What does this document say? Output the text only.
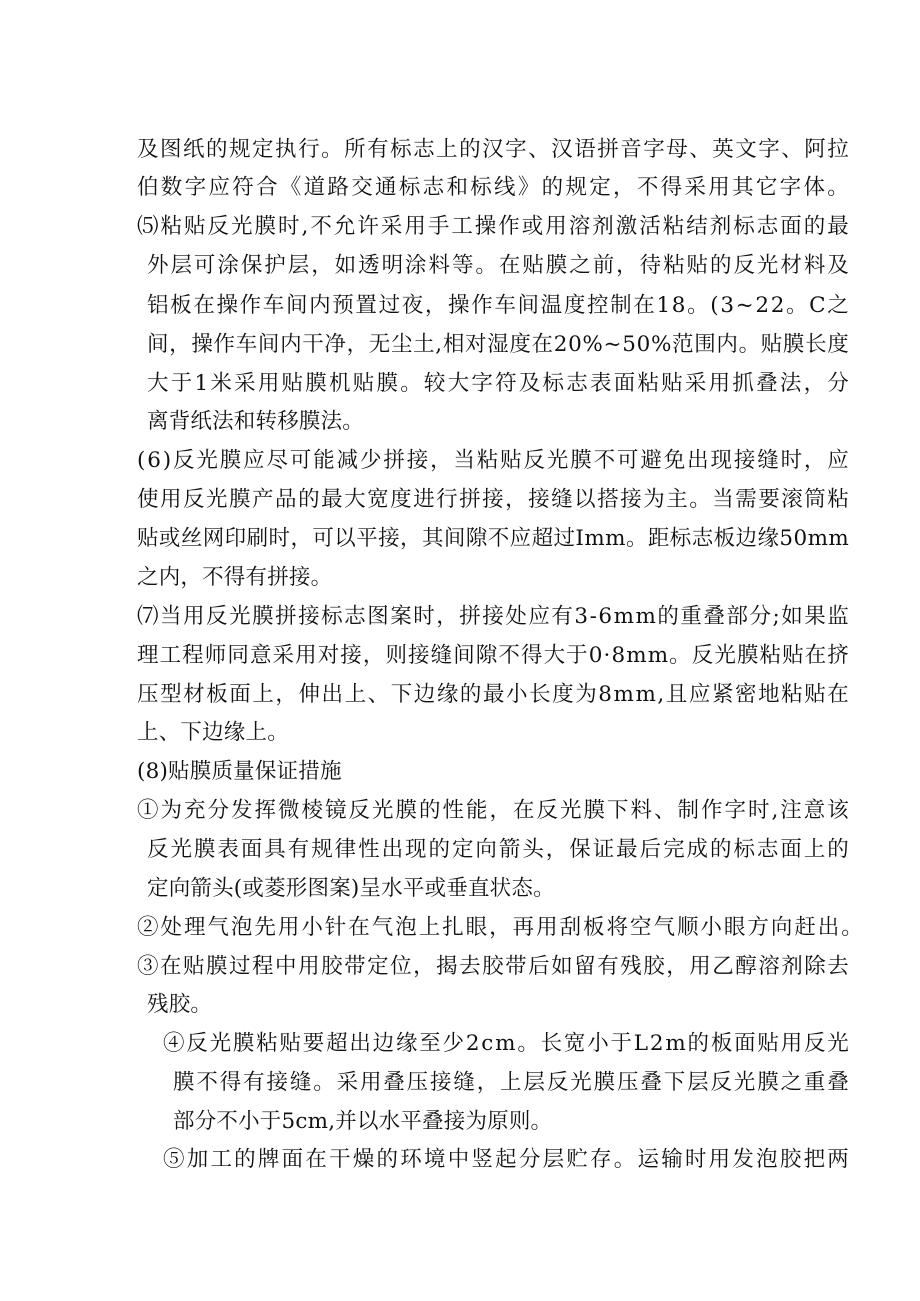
及图纸的规定执行。所有标志上的汉字、汉语拼音字母、英文字、阿拉
伯数字应符合《道路交通标志和标线》的规定，不得采用其它字体。
⑸粘贴反光膜时,不允许采用手工操作或用溶剂激活粘结剂标志面的最
外层可涂保护层，如透明涂料等。在贴膜之前，待粘贴的反光材料及
铝板在操作车间内预置过夜，操作车间温度控制在18。(3~22。C之
间，操作车间内干净，无尘土,相对湿度在20%~50%范围内。贴膜长度
大于1米采用贴膜机贴膜。较大字符及标志表面粘贴采用抓叠法，分
离背纸法和转移膜法。
(6)反光膜应尽可能减少拼接，当粘贴反光膜不可避免出现接缝时，应
使用反光膜产品的最大宽度进行拼接，接缝以搭接为主。当需要滚筒粘
贴或丝网印刷时，可以平接，其间隙不应超过Imm。距标志板边缘50mm
之内，不得有拼接。
⑺当用反光膜拼接标志图案时，拼接处应有3-6mm的重叠部分;如果监
理工程师同意采用对接，则接缝间隙不得大于0·8mm。反光膜粘贴在挤
压型材板面上，伸出上、下边缘的最小长度为8mm,且应紧密地粘贴在
上、下边缘上。
(8)贴膜质量保证措施
①为充分发挥微棱镜反光膜的性能，在反光膜下料、制作字时,注意该
反光膜表面具有规律性出现的定向箭头，保证最后完成的标志面上的
定向箭头(或菱形图案)呈水平或垂直状态。
②处理气泡先用小针在气泡上扎眼，再用刮板将空气顺小眼方向赶出。
③在贴膜过程中用胶带定位，揭去胶带后如留有残胶，用乙醇溶剂除去
残胶。
④反光膜粘贴要超出边缘至少2cm。长宽小于L2m的板面贴用反光
膜不得有接缝。采用叠压接缝，上层反光膜压叠下层反光膜之重叠
部分不小于5cm,并以水平叠接为原则。
⑤加工的牌面在干燥的环境中竖起分层贮存。运输时用发泡胶把两
